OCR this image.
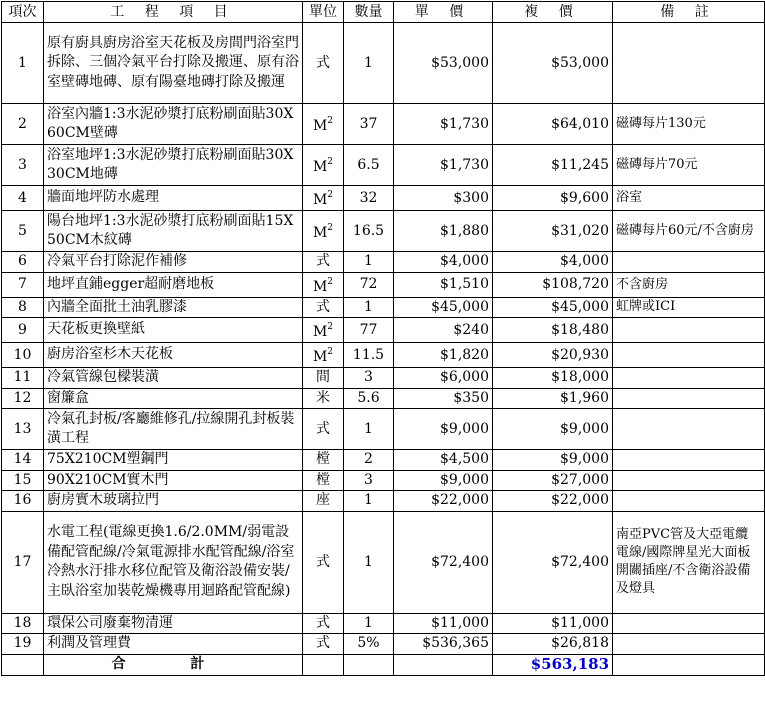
項次	工 程 項 目	單位	數量	單 價	複 價	備 註
1	原有廚具廚房浴室天花板及房間門浴室門拆除、三個冷氣平台打除及搬運、原有浴室壁磚地磚、原有陽臺地磚打除及搬運	式	1	$53,000	$53,000	
2	浴室內牆1:3水泥砂漿打底粉刷面貼30X60CM壁磚	$M^2$	37	$1,730	$64,010	磁磚每片130元
3	浴室地坪1:3水泥砂漿打底粉刷面貼30X30CM地磚	$M^2$	6.5	$1,730	$11,245	磁磚每片70元
4	牆面地坪防水處理	$M^2$	32	$300	$9,600	浴室
5	陽台地坪1:3水泥砂漿打底粉刷面貼15X50CM木紋磚	$M^2$	16.5	$1,880	$31,020	磁磚每片60元/不含廚房
6	冷氣平台打除泥作補修	式	1	$4,000	$4,000	
7	地坪直鋪egger超耐磨地板	$M^2$	72	$1,510	$108,720	不含廚房
8	內牆全面批土油乳膠漆	式	1	$45,000	$45,000	虹牌或ICI
9	天花板更換壁紙	$M^2$	77	$240	$18,480	
10	廚房浴室杉木天花板	$M^2$	11.5	$1,820	$20,930	
11	冷氣管線包樑裝潢	間	3	$6,000	$18,000	
12	窗簾盒	米	5.6	$350	$1,960	
13	冷氣孔封板/客廳維修孔/拉線開孔封板裝潢工程	式	1	$9,000	$9,000	
14	75X210CM塑鋼門	樘	2	$4,500	$9,000	
15	90X210CM實木門	樘	3	$9,000	$27,000	
16	廚房實木玻璃拉門	座	1	$22,000	$22,000	
17	水電工程(電線更換1.6/2.0MM/弱電設備配管配線/冷氣電源排水配管配線/浴室冷熱水汙排水移位配管及衛浴設備安裝/主臥浴室加裝乾燥機專用迴路配管配線)	式	1	$72,400	$72,400	南亞PVC管及大亞電纜電線/國際牌星光大面板開關插座/不含衛浴設備及燈具
18	環保公司廢棄物清運	式	1	$11,000	$11,000	
19	利潤及管理費	式	5%	$536,365	$26,818	
	合 計				$563,183	
